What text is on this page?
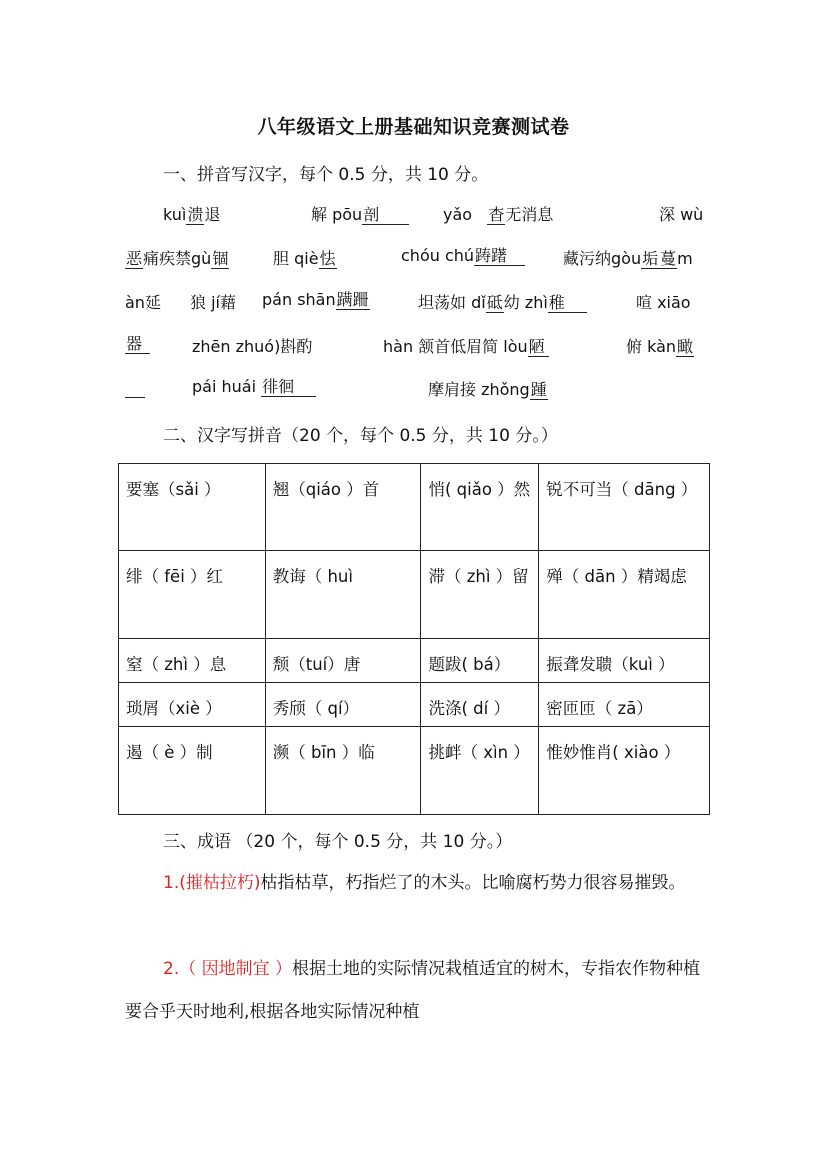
八年级语文上册基础知识竞赛测试卷
一、拼音写汉字，每个 0.5 分，共 10 分。
kuì溃退	解 pōu剖	yǎo 杳无消息	深 wù
恶痛疾禁gù锢	胆 qiè怯	chóu chú踌躇	藏污纳gòu垢 蔓m
àn延 狼 jí藉 pán shān蹒跚	坦荡如 dǐ砥幼 zhì稚	喧 xiāo
器	zhēn zhuó)斟酌	hàn 颔首低眉简 lòu陋	俯 kàn瞰
pái huái 徘徊	摩肩接 zhǒng踵
二、汉字写拼音（20 个，每个 0.5 分，共 10 分。）
要塞（sǎi ）	翘（qiáo ）首	悄( qiǎo ）然	锐不可当（ dāng ）
绯（ fēi ）红	教诲（ huì	滞（ zhì ）留	殚（ dān ）精竭虑
窒（ zhì ）息	颓（tuí）唐	题跋( bá）	振聋发聩（kuì ）
琐屑（xiè ）	秀颀（ qí）	洗涤( dí ）	密匝匝（ zā）
遏（ è ）制	濒（ bīn ）临	挑衅（ xìn ）	惟妙惟肖( xiào ）
三、成语 （20 个，每个 0.5 分，共 10 分。）
1.(摧枯拉朽)枯指枯草，朽指烂了的木头。比喻腐朽势力很容易摧毁。
2.（ 因地制宜 ）根据土地的实际情况栽植适宜的树木，专指农作物种植要合乎天时地利,根据各地实际情况种植
